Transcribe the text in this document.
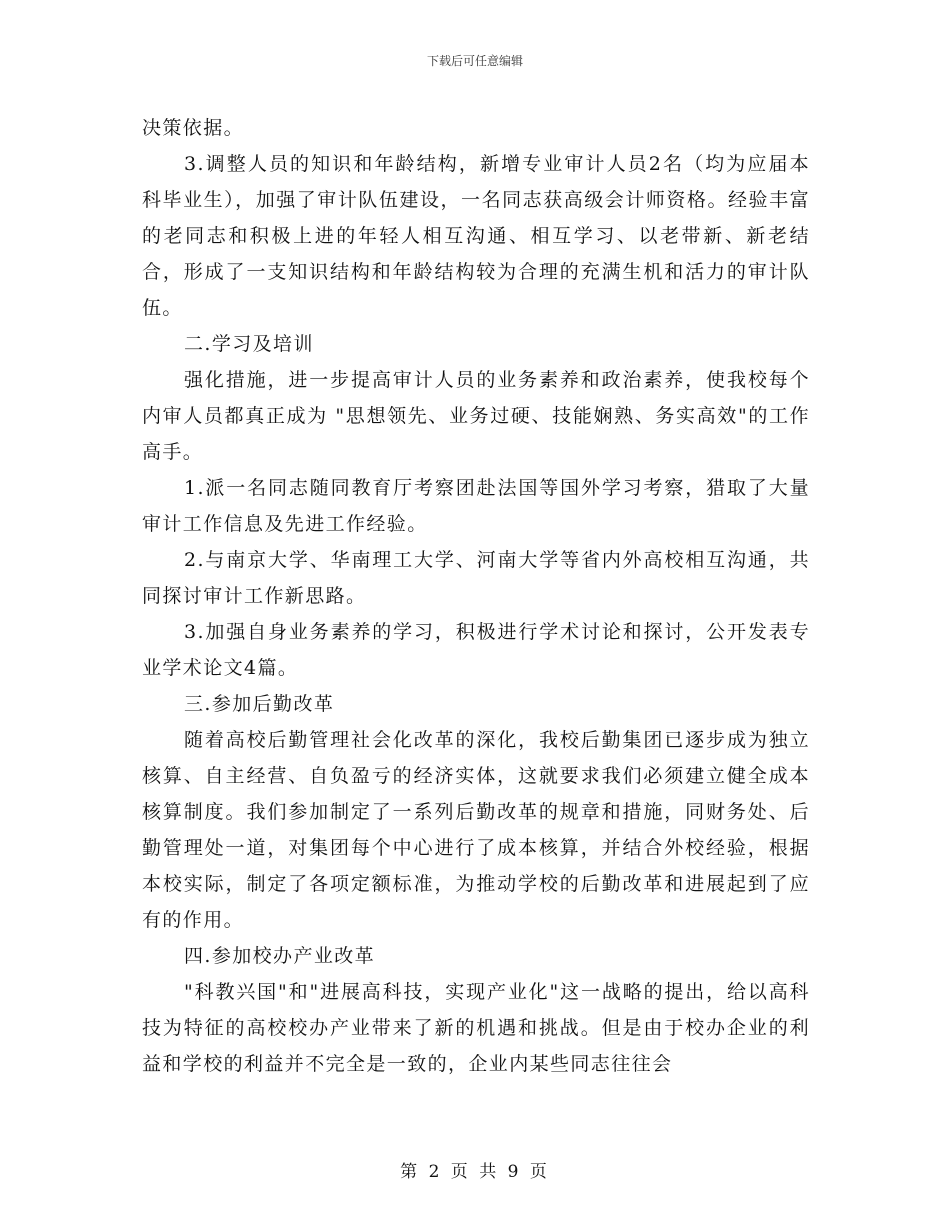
下载后可任意编辑

决策依据。

3.调整人员的知识和年龄结构，新增专业审计人员2名（均为应届本科毕业生），加强了审计队伍建设，一名同志获高级会计师资格。经验丰富的老同志和积极上进的年轻人相互沟通、相互学习、以老带新、新老结合，形成了一支知识结构和年龄结构较为合理的充满生机和活力的审计队伍。

二.学习及培训

强化措施，进一步提高审计人员的业务素养和政治素养，使我校每个内审人员都真正成为 "思想领先、业务过硬、技能娴熟、务实高效"的工作高手。

1.派一名同志随同教育厅考察团赴法国等国外学习考察，猎取了大量审计工作信息及先进工作经验。

2.与南京大学、华南理工大学、河南大学等省内外高校相互沟通，共同探讨审计工作新思路。

3.加强自身业务素养的学习，积极进行学术讨论和探讨，公开发表专业学术论文4篇。

三.参加后勤改革

随着高校后勤管理社会化改革的深化，我校后勤集团已逐步成为独立核算、自主经营、自负盈亏的经济实体，这就要求我们必须建立健全成本核算制度。我们参加制定了一系列后勤改革的规章和措施，同财务处、后勤管理处一道，对集团每个中心进行了成本核算，并结合外校经验，根据本校实际，制定了各项定额标准，为推动学校的后勤改革和进展起到了应有的作用。

四.参加校办产业改革

"科教兴国"和"进展高科技，实现产业化"这一战略的提出，给以高科技为特征的高校校办产业带来了新的机遇和挑战。但是由于校办企业的利益和学校的利益并不完全是一致的，企业内某些同志往往会

第 2 页 共 9 页
